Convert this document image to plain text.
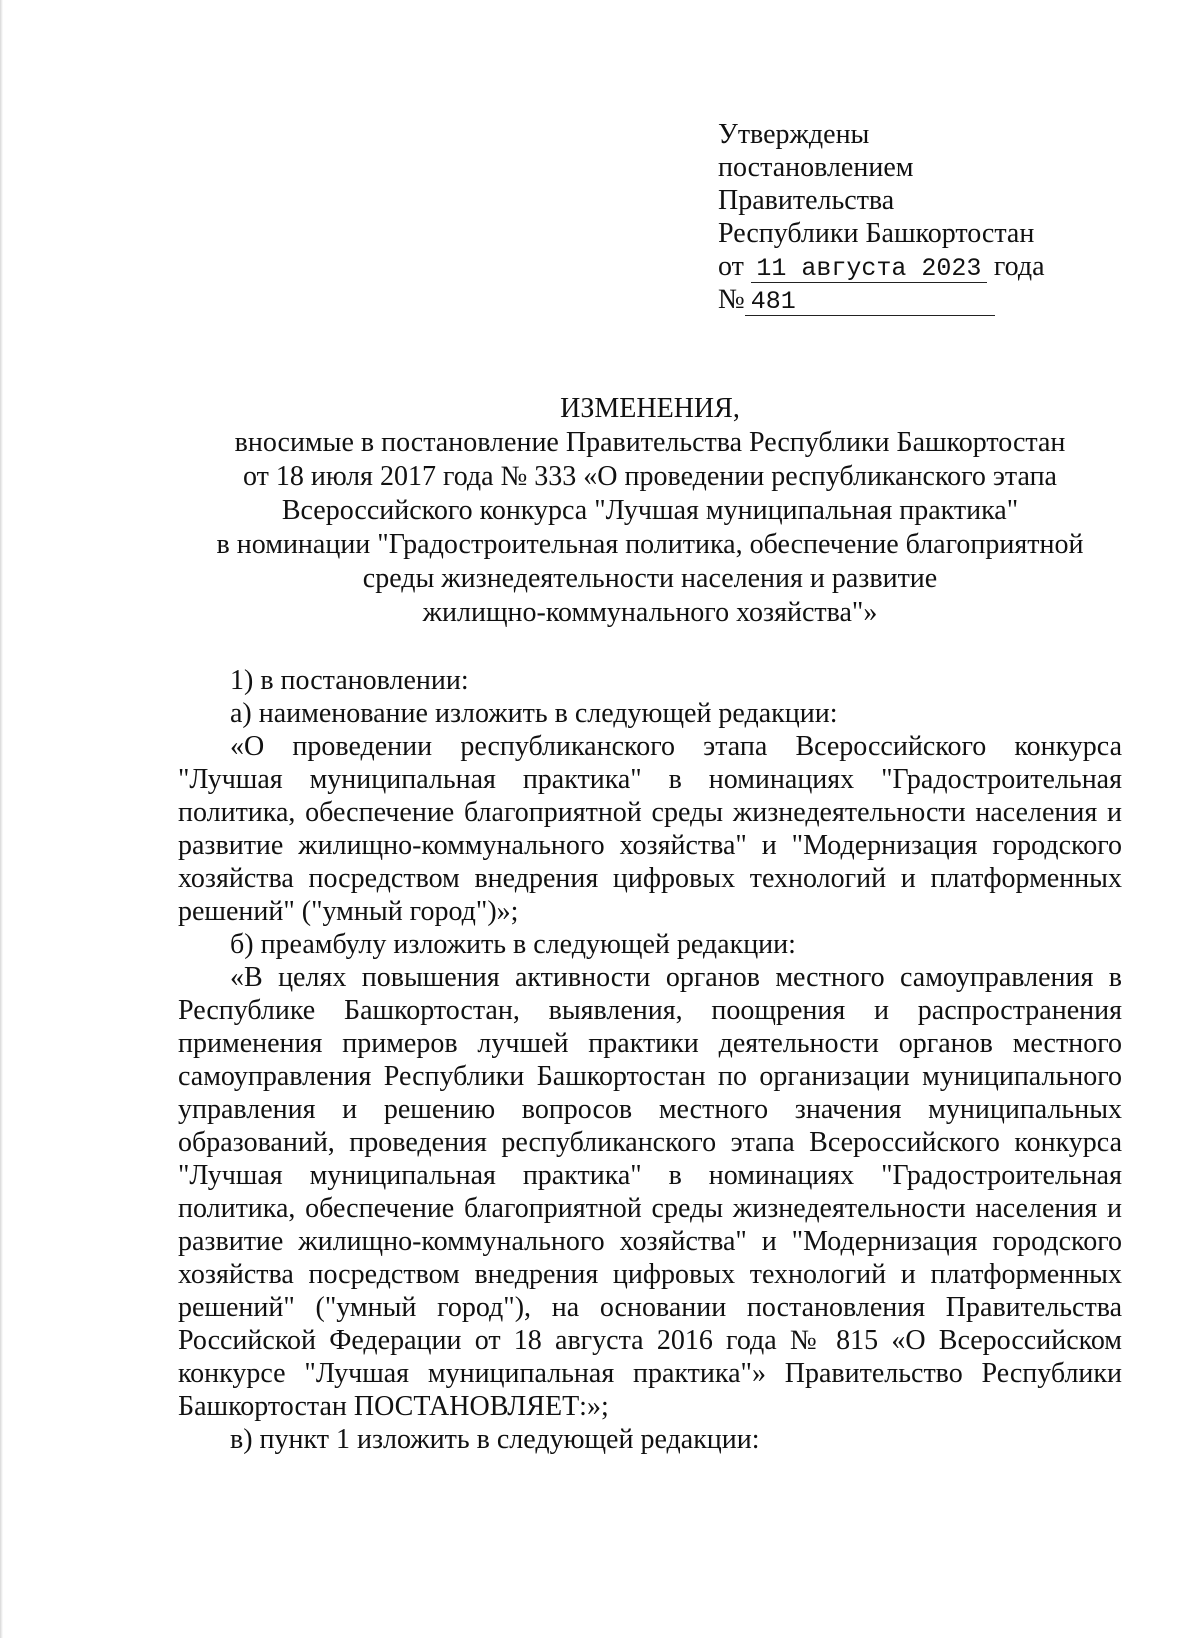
Утверждены
постановлением
Правительства
Республики Башкортостан
от 11 августа 2023 года
№ 481
ИЗМЕНЕНИЯ,
вносимые в постановление Правительства Республики Башкортостан
от 18 июля 2017 года № 333 «О проведении республиканского этапа
Всероссийского конкурса "Лучшая муниципальная практика"
в номинации "Градостроительная политика, обеспечение благоприятной
среды жизнедеятельности населения и развитие
жилищно-коммунального хозяйства"»

1) в постановлении:

а) наименование изложить в следующей редакции:

«О проведении республиканского этапа Всероссийского конкурса "Лучшая муниципальная практика" в номинациях "Градостроительная политика, обеспечение благоприятной среды жизнедеятельности населения и развитие жилищно-коммунального хозяйства" и "Модернизация городского хозяйства посредством внедрения цифровых технологий и платформенных решений" ("умный город")»;

б) преамбулу изложить в следующей редакции:

«В целях повышения активности органов местного самоуправления в Республике Башкортостан, выявления, поощрения и распространения применения примеров лучшей практики деятельности органов местного самоуправления Республики Башкортостан по организации муниципального управления и решению вопросов местного значения муниципальных образований, проведения республиканского этапа Всероссийского конкурса "Лучшая муниципальная практика" в номинациях "Градостроительная политика, обеспечение благоприятной среды жизнедеятельности населения и развитие жилищно-коммунального хозяйства" и "Модернизация городского хозяйства посредством внедрения цифровых технологий и платформенных решений" ("умный город"), на основании постановления Правительства Российской Федерации от 18 августа 2016 года № 815 «О Всероссийском конкурсе "Лучшая муниципальная практика"» Правительство Республики Башкортостан ПОСТАНОВЛЯЕТ:»;

в) пункт 1 изложить в следующей редакции:
